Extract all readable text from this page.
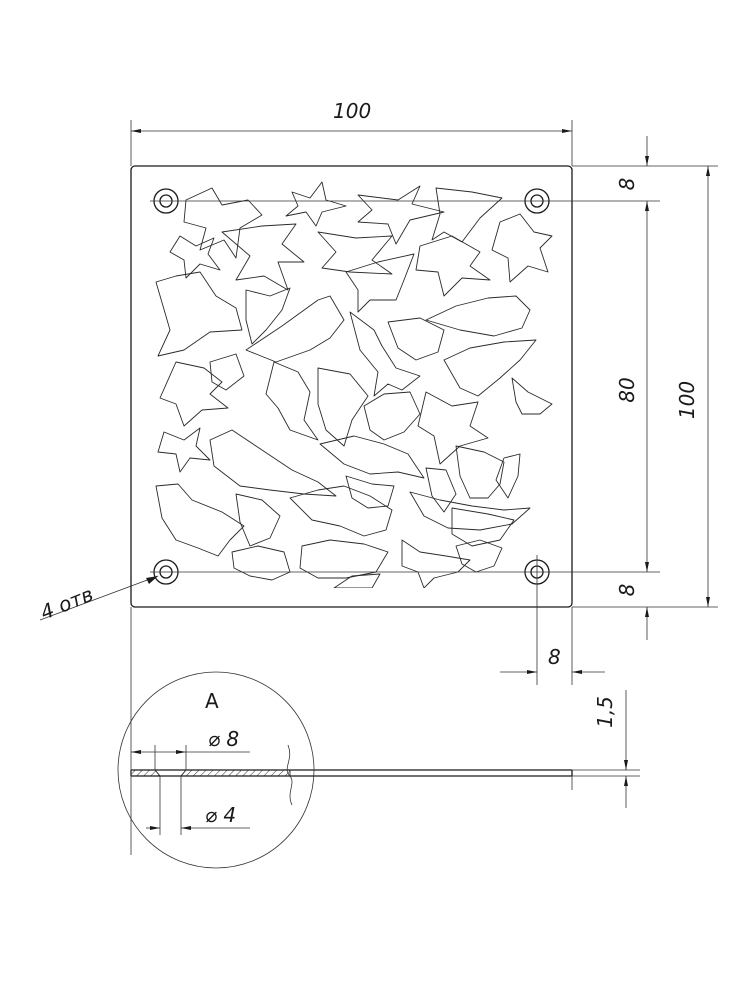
100
100
80
8
8
8
4 отв
1,5
A
⌀ 8
⌀ 4
